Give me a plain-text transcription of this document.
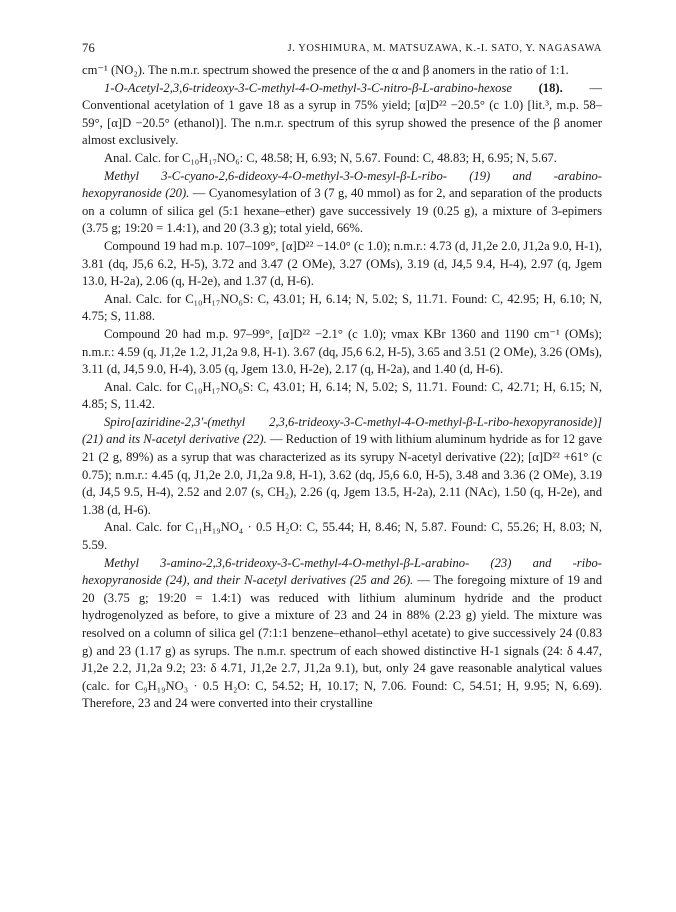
76	J. YOSHIMURA, M. MATSUZAWA, K.-I. SATO, Y. NAGASAWA

cm⁻¹ (NO₂). The n.m.r. spectrum showed the presence of the α and β anomers in the ratio of 1:1.

1-O-Acetyl-2,3,6-trideoxy-3-C-methyl-4-O-methyl-3-C-nitro-β-L-arabino-hexose (18). — Conventional acetylation of 1 gave 18 as a syrup in 75% yield; [α]D²² −20.5° (c 1.0) [lit.³, m.p. 58–59°, [α]D −20.5° (ethanol)]. The n.m.r. spectrum of this syrup showed the presence of the β anomer almost exclusively.

Anal. Calc. for C₁₀H₁₇NO₆: C, 48.58; H, 6.93; N, 5.67. Found: C, 48.83; H, 6.95; N, 5.67.

Methyl 3-C-cyano-2,6-dideoxy-4-O-methyl-3-O-mesyl-β-L-ribo- (19) and -arabino-hexopyranoside (20). — Cyanomesylation of 3 (7 g, 40 mmol) as for 2, and separation of the products on a column of silica gel (5:1 hexane–ether) gave successively 19 (0.25 g), a mixture of 3-epimers (3.75 g; 19:20 = 1.4:1), and 20 (3.3 g); total yield, 66%.

Compound 19 had m.p. 107–109°, [α]D²² −14.0° (c 1.0); n.m.r.: 4.73 (d, J1,2e 2.0, J1,2a 9.0, H-1), 3.81 (dq, J5,6 6.2, H-5), 3.72 and 3.47 (2 OMe), 3.27 (OMs), 3.19 (d, J4,5 9.4, H-4), 2.97 (q, Jgem 13.0, H-2a), 2.06 (q, H-2e), and 1.37 (d, H-6).

Anal. Calc. for C₁₀H₁₇NO₆S: C, 43.01; H, 6.14; N, 5.02; S, 11.71. Found: C, 42.95; H, 6.10; N, 4.75; S, 11.88.

Compound 20 had m.p. 97–99°, [α]D²² −2.1° (c 1.0); νmax KBr 1360 and 1190 cm⁻¹ (OMs); n.m.r.: 4.59 (q, J1,2e 1.2, J1,2a 9.8, H-1). 3.67 (dq, J5,6 6.2, H-5), 3.65 and 3.51 (2 OMe), 3.26 (OMs), 3.11 (d, J4,5 9.0, H-4), 3.05 (q, Jgem 13.0, H-2e), 2.17 (q, H-2a), and 1.40 (d, H-6).

Anal. Calc. for C₁₀H₁₇NO₆S: C, 43.01; H, 6.14; N, 5.02; S, 11.71. Found: C, 42.71; H, 6.15; N, 4.85; S, 11.42.

Spiro[aziridine-2,3′-(methyl 2,3,6-trideoxy-3-C-methyl-4-O-methyl-β-L-ribo-hexopyranoside)] (21) and its N-acetyl derivative (22). — Reduction of 19 with lithium aluminum hydride as for 12 gave 21 (2 g, 89%) as a syrup that was characterized as its syrupy N-acetyl derivative (22); [α]D²² +61° (c 0.75); n.m.r.: 4.45 (q, J1,2e 2.0, J1,2a 9.8, H-1), 3.62 (dq, J5,6 6.0, H-5), 3.48 and 3.36 (2 OMe), 3.19 (d, J4,5 9.5, H-4), 2.52 and 2.07 (s, CH₂), 2.26 (q, Jgem 13.5, H-2a), 2.11 (NAc), 1.50 (q, H-2e), and 1.38 (d, H-6).

Anal. Calc. for C₁₁H₁₉NO₄ · 0.5 H₂O: C, 55.44; H, 8.46; N, 5.87. Found: C, 55.26; H, 8.03; N, 5.59.

Methyl 3-amino-2,3,6-trideoxy-3-C-methyl-4-O-methyl-β-L-arabino- (23) and -ribo-hexopyranoside (24), and their N-acetyl derivatives (25 and 26). — The foregoing mixture of 19 and 20 (3.75 g; 19:20 = 1.4:1) was reduced with lithium aluminum hydride and the product hydrogenolyzed as before, to give a mixture of 23 and 24 in 88% (2.23 g) yield. The mixture was resolved on a column of silica gel (7:1:1 benzene–ethanol–ethyl acetate) to give successively 24 (0.83 g) and 23 (1.17 g) as syrups. The n.m.r. spectrum of each showed distinctive H-1 signals (24: δ 4.47, J1,2e 2.2, J1,2a 9.2; 23: δ 4.71, J1,2e 2.7, J1,2a 9.1), but, only 24 gave reasonable analytical values (calc. for C₉H₁₉NO₃ · 0.5 H₂O: C, 54.52; H, 10.17; N, 7.06. Found: C, 54.51; H, 9.95; N, 6.69). Therefore, 23 and 24 were converted into their crystalline
